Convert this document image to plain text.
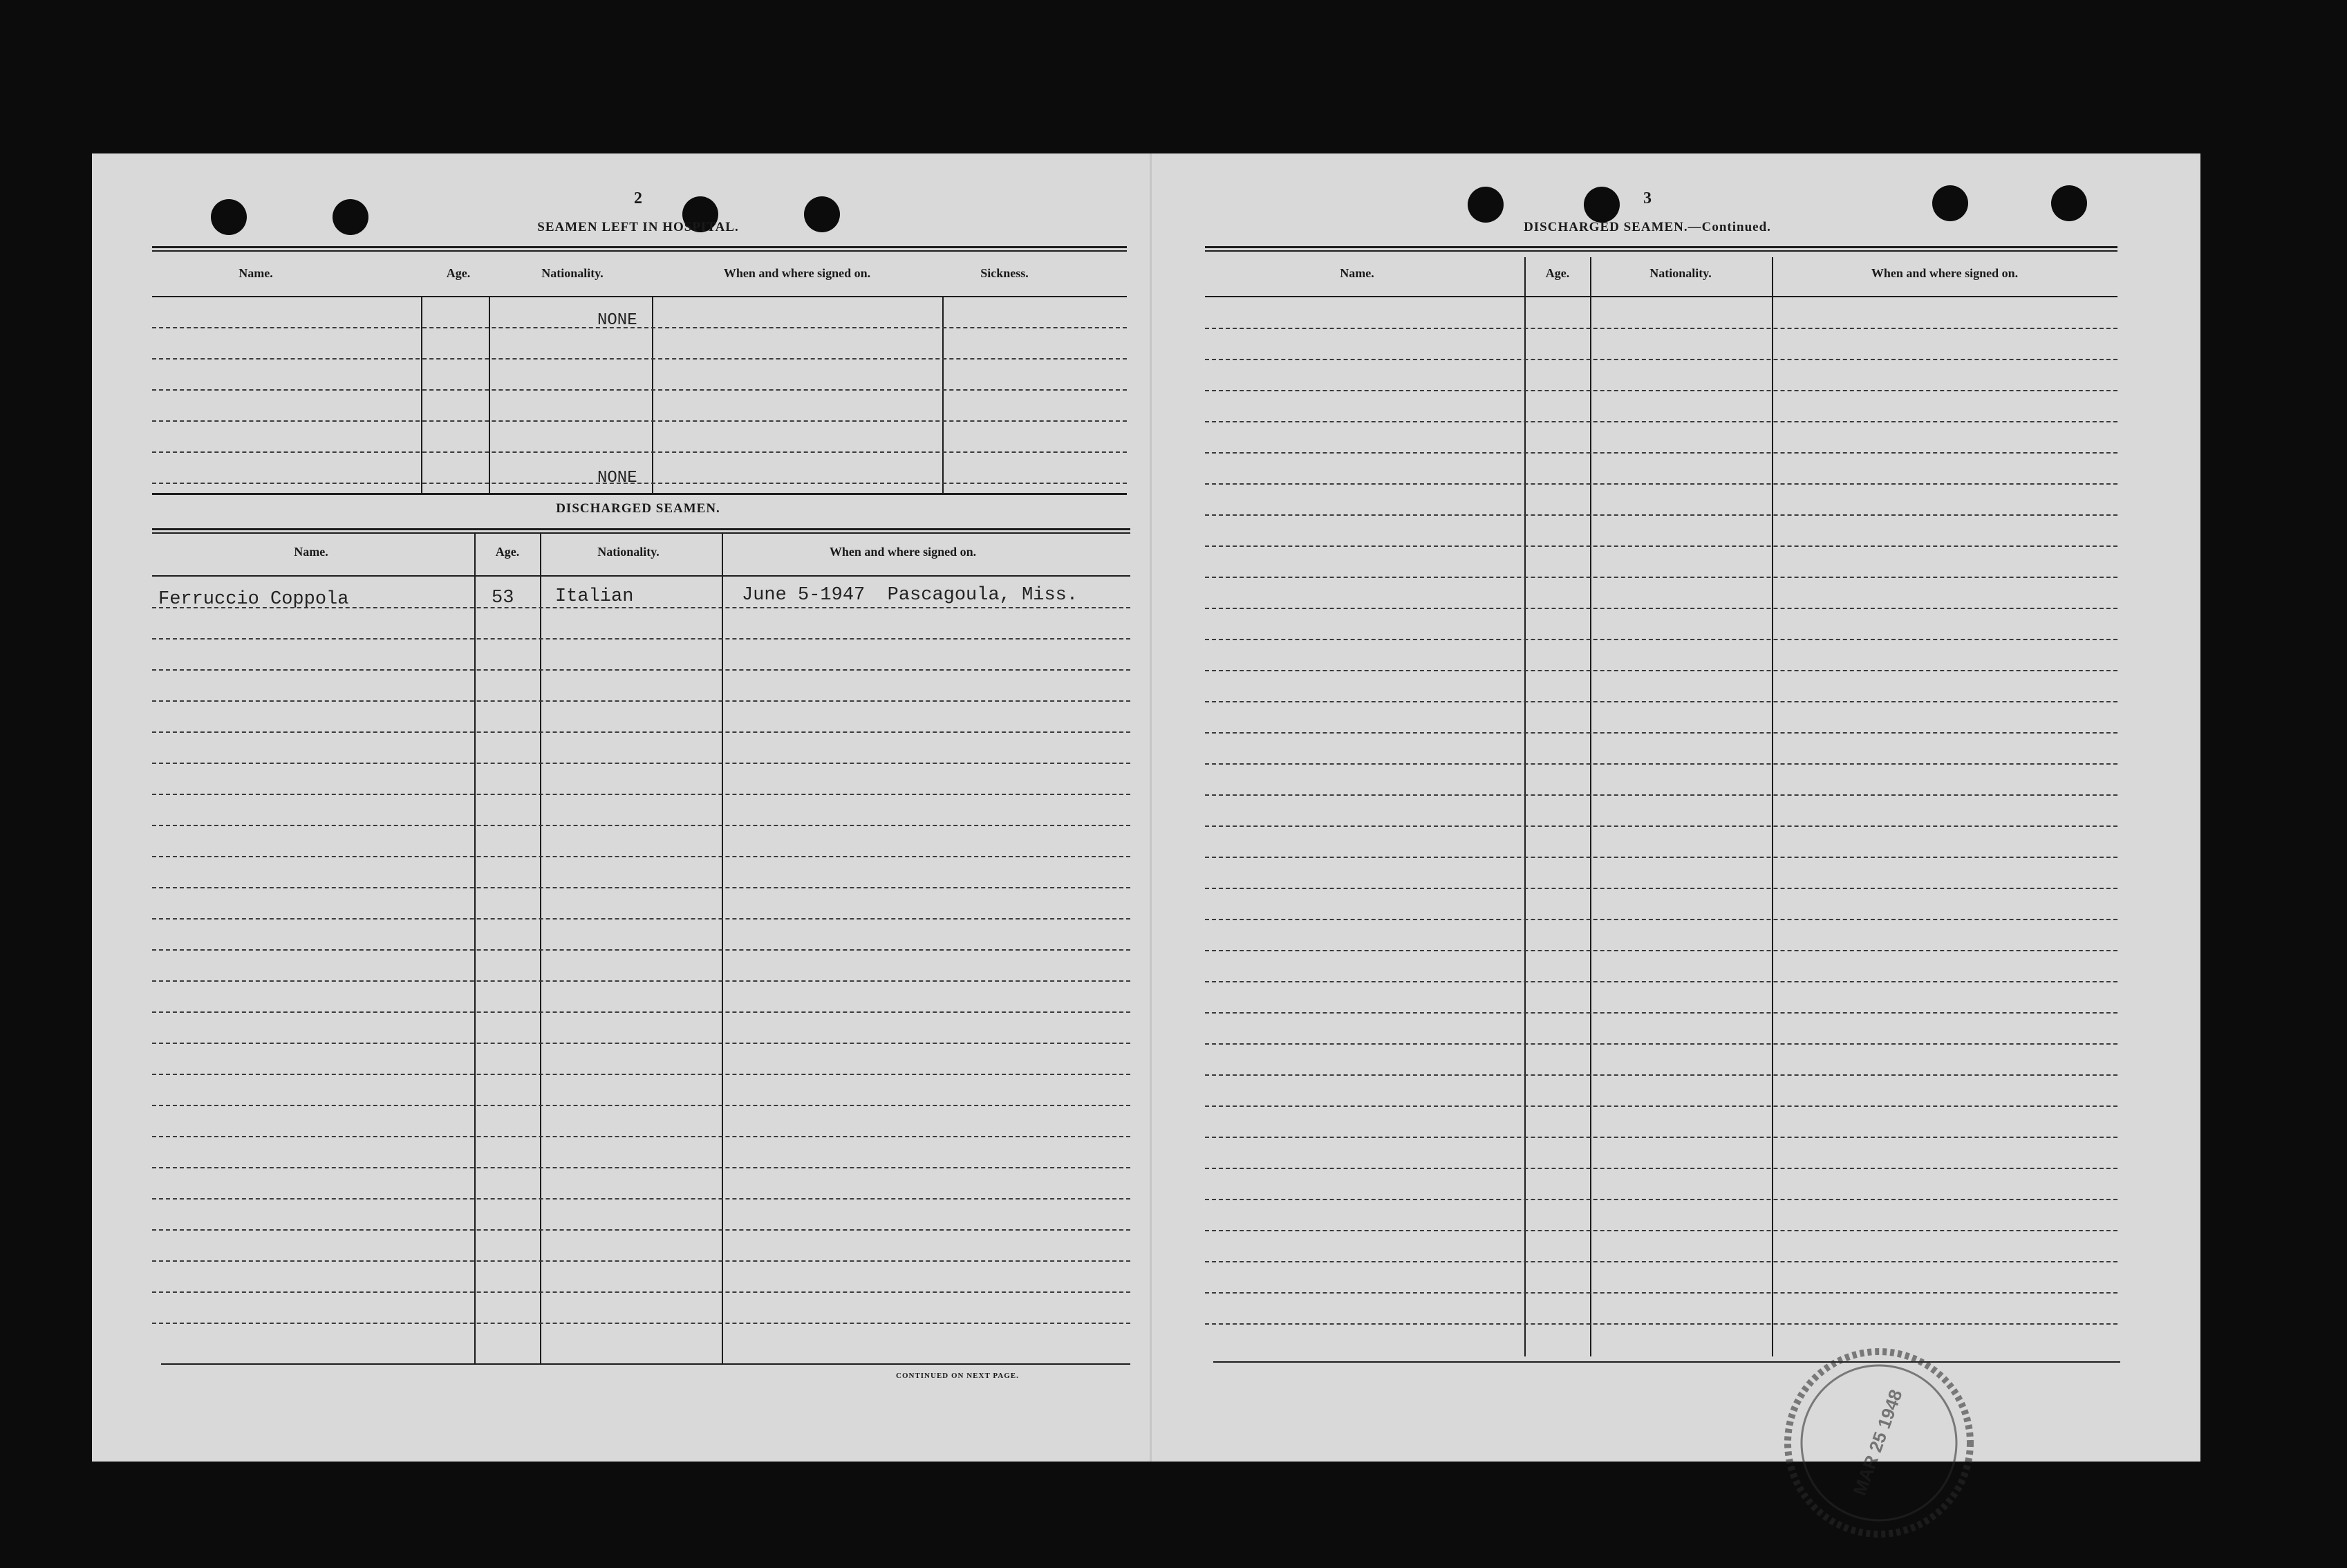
2
SEAMEN LEFT IN HOSPITAL.
Name.	Age.	Nationality.	When and where signed on.	Sickness.
NONE
NONE
DISCHARGED SEAMEN.
Name.	Age.	Nationality.	When and where signed on.
Ferruccio Coppola	53 Italian	June 5-1947  Pascagoula, Miss.
CONTINUED ON NEXT PAGE.
3
DISCHARGED SEAMEN.—Continued.
Name.	Age.	Nationality.	When and where signed on.
MAR 25 1948
